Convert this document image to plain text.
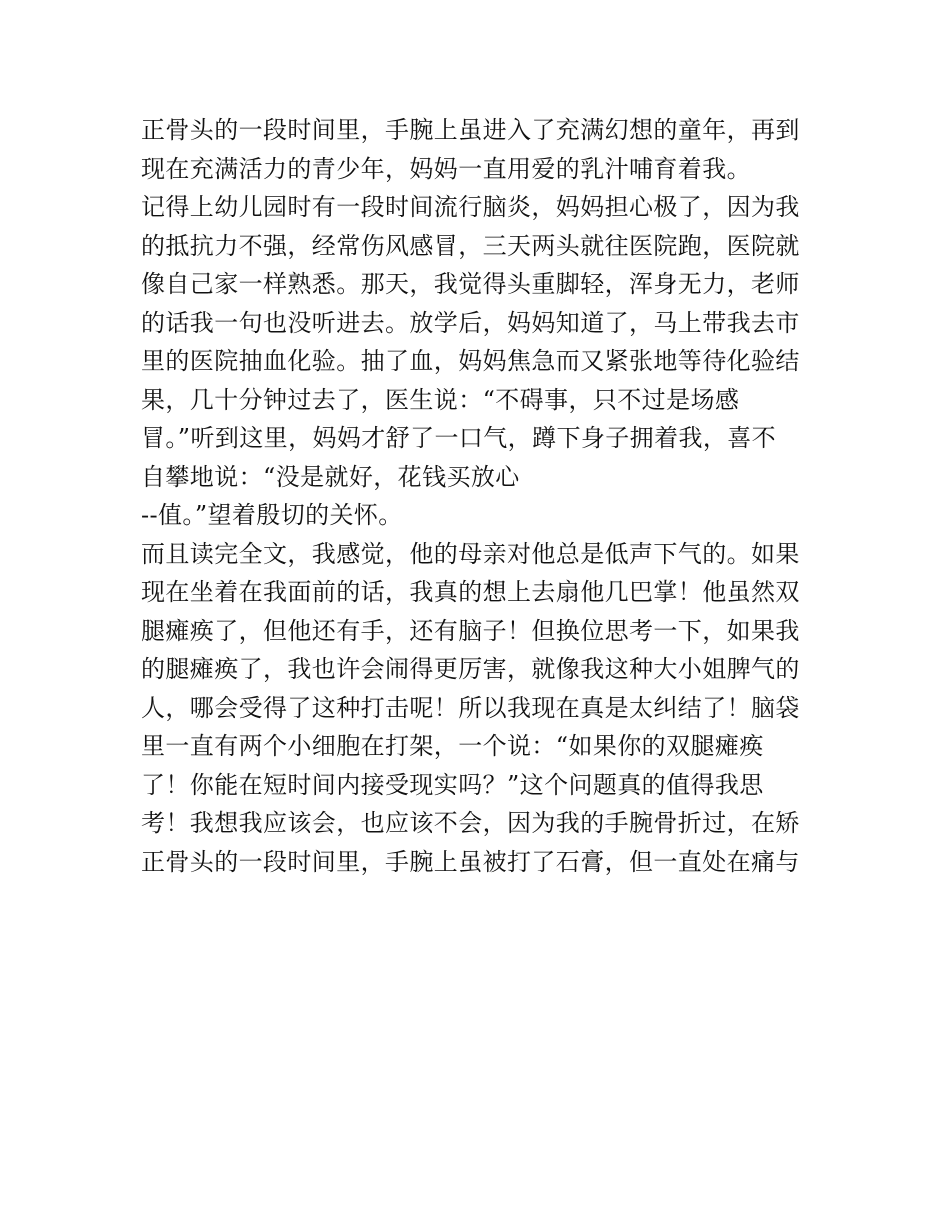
正骨头的一段时间里，手腕上虽进入了充满幻想的童年，再到
现在充满活力的青少年，妈妈一直用爱的乳汁哺育着我。
记得上幼儿园时有一段时间流行脑炎，妈妈担心极了，因为我
的抵抗力不强，经常伤风感冒，三天两头就往医院跑，医院就
像自己家一样熟悉。那天，我觉得头重脚轻，浑身无力，老师
的话我一句也没听进去。放学后，妈妈知道了，马上带我去市
里的医院抽血化验。抽了血，妈妈焦急而又紧张地等待化验结
果，几十分钟过去了，医生说：“不碍事，只不过是场感
冒。”听到这里，妈妈才舒了一口气，蹲下身子拥着我，喜不
自攀地说：“没是就好，花钱买放心
--值。”望着殷切的关怀。
而且读完全文，我感觉，他的母亲对他总是低声下气的。如果
现在坐着在我面前的话，我真的想上去扇他几巴掌！他虽然双
腿瘫痪了，但他还有手，还有脑子！但换位思考一下，如果我
的腿瘫痪了，我也许会闹得更厉害，就像我这种大小姐脾气的
人，哪会受得了这种打击呢！所以我现在真是太纠结了！脑袋
里一直有两个小细胞在打架，一个说：“如果你的双腿瘫痪
了！你能在短时间内接受现实吗？”这个问题真的值得我思
考！我想我应该会，也应该不会，因为我的手腕骨折过，在矫
正骨头的一段时间里，手腕上虽被打了石膏，但一直处在痛与
